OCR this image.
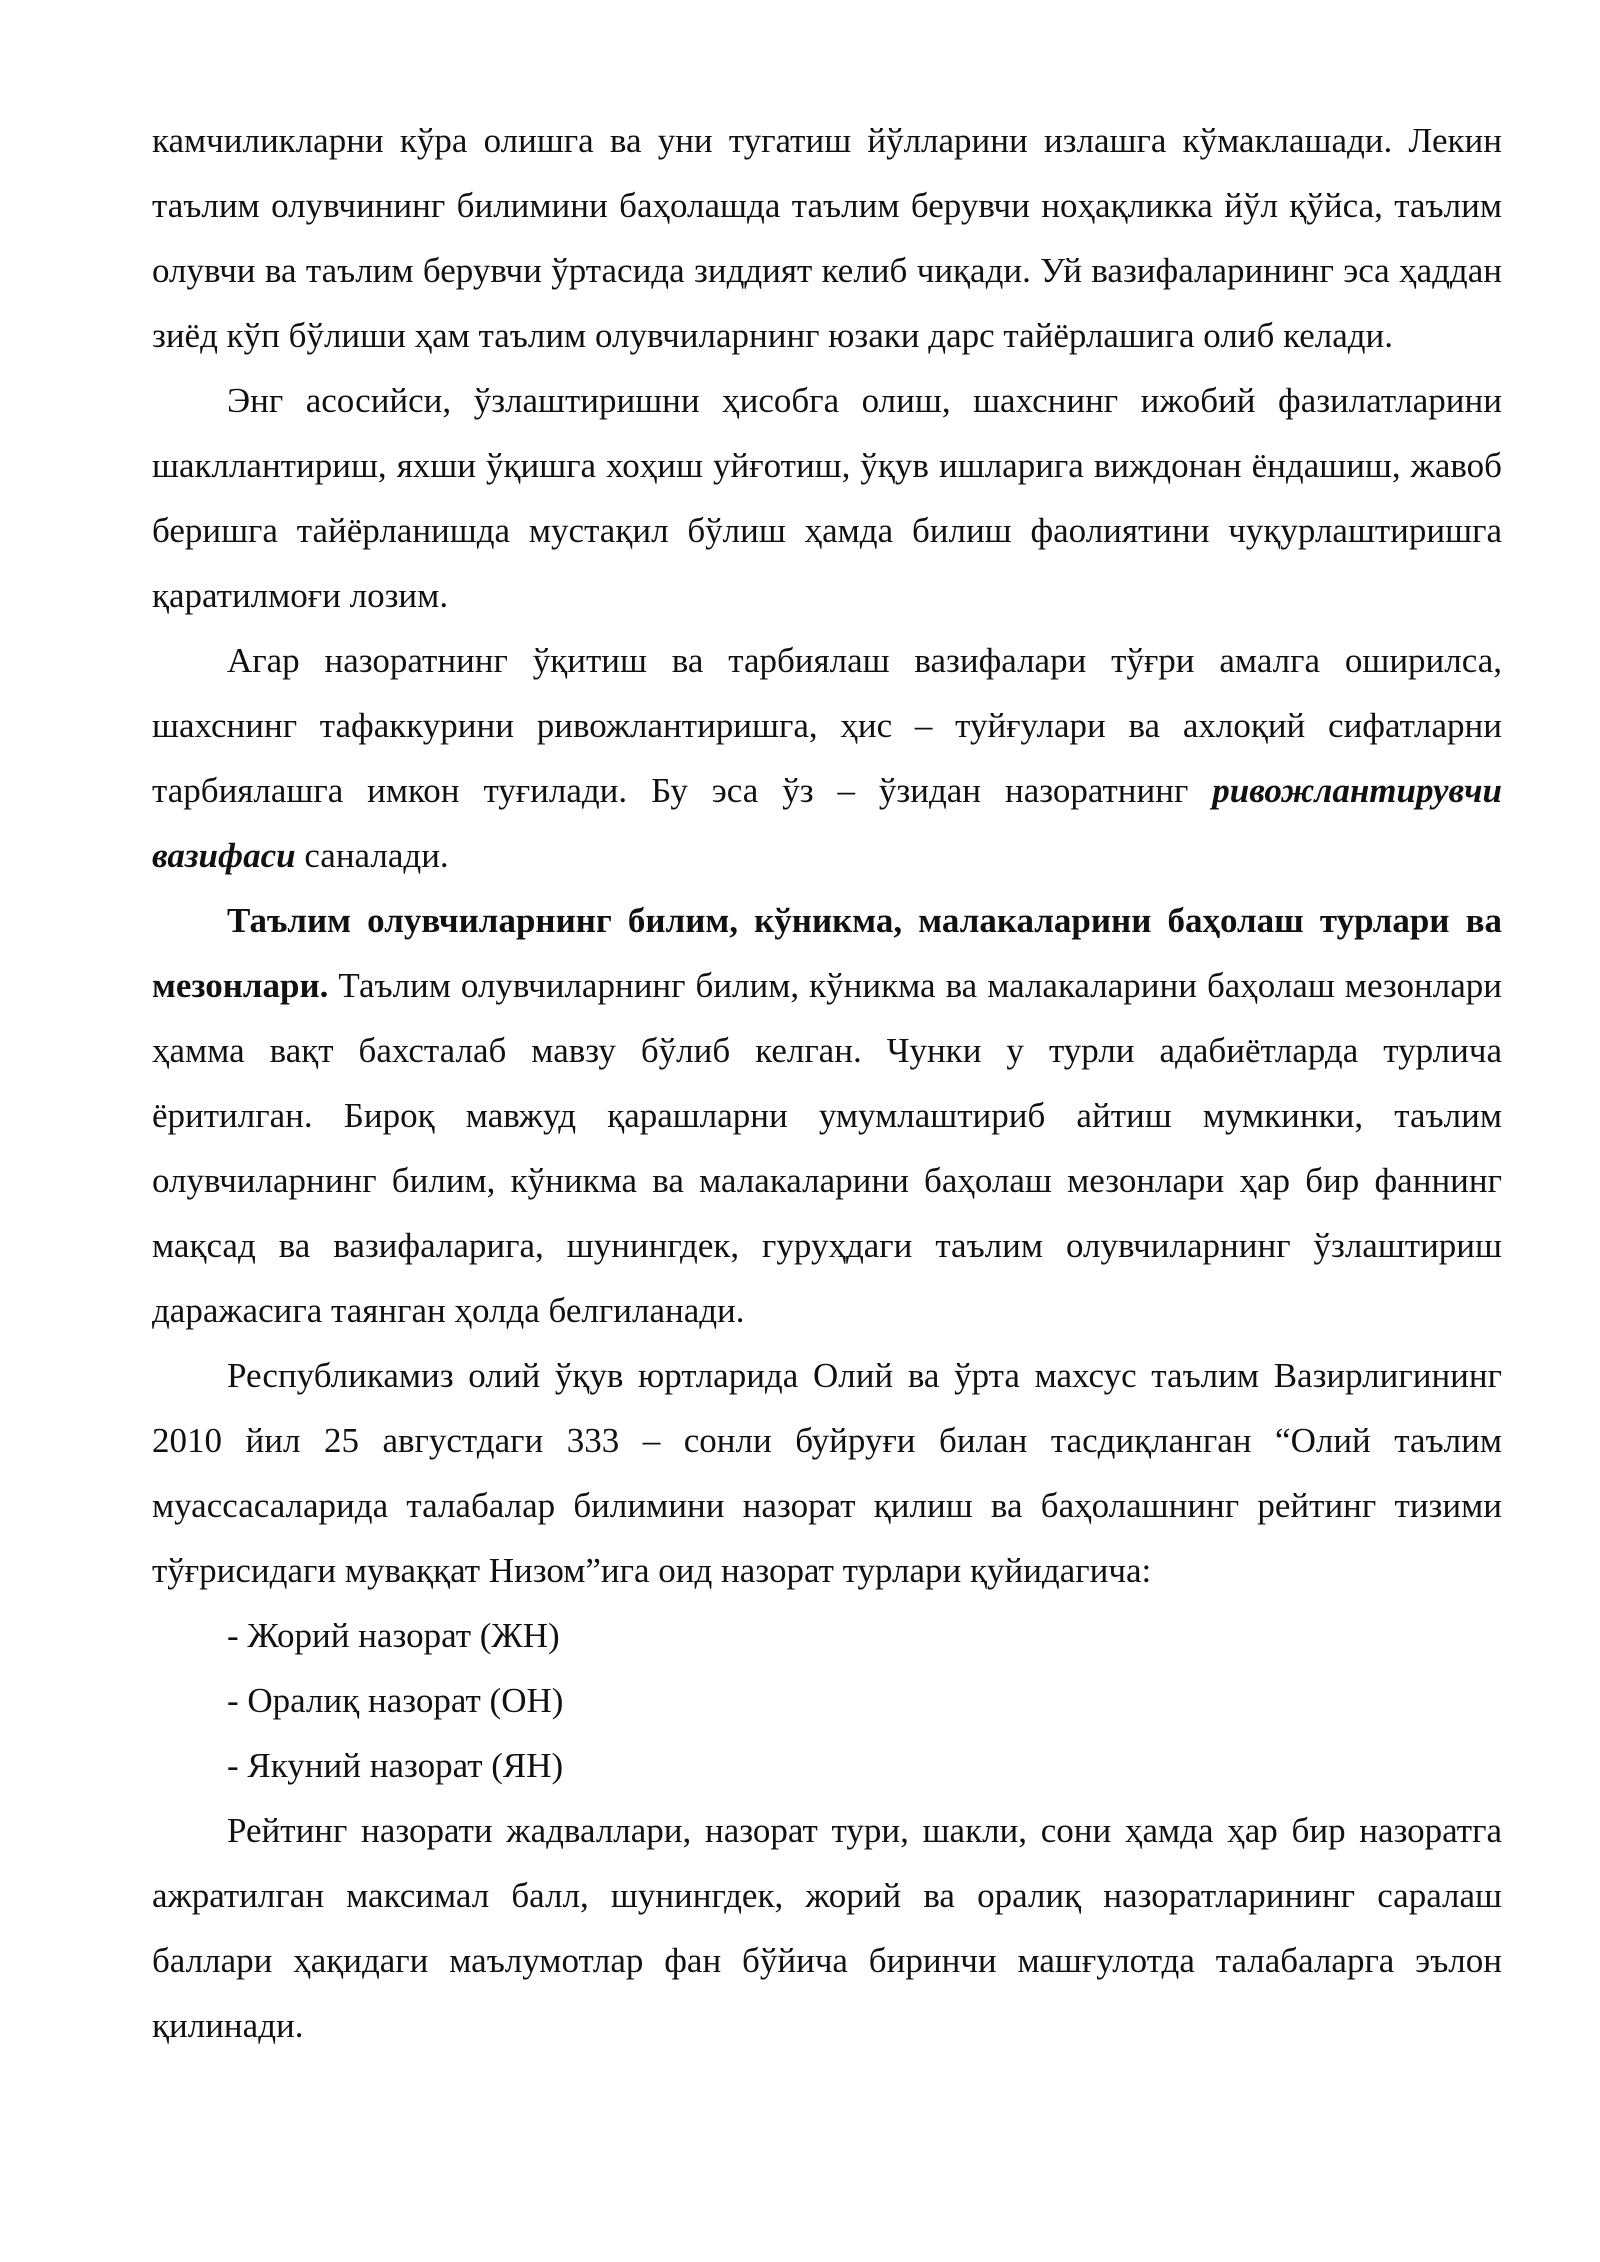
камчиликларни кўра олишга ва уни тугатиш йўлларини излашга кўмаклашади. Лекин таълим олувчининг билимини баҳолашда таълим берувчи ноҳақликка йўл қўйса, таълим олувчи ва таълим берувчи ўртасида зиддият келиб чиқади. Уй вазифаларининг эса ҳаддан зиёд кўп бўлиши ҳам таълим олувчиларнинг юзаки дарс тайёрлашига олиб келади.

Энг асосийси, ўзлаштиришни ҳисобга олиш, шахснинг ижобий фазилатларини шакллантириш, яхши ўқишга хоҳиш уйғотиш, ўқув ишларига виждонан ёндашиш, жавоб беришга тайёрланишда мустақил бўлиш ҳамда билиш фаолиятини чуқурлаштиришга қаратилмоғи лозим.

Агар назоратнинг ўқитиш ва тарбиялаш вазифалари тўғри амалга оширилса, шахснинг тафаккурини ривожлантиришга, ҳис – туйғулари ва ахлоқий сифатларни тарбиялашга имкон туғилади. Бу эса ўз – ўзидан назоратнинг ривожлантирувчи вазифаси саналади.

Таълим олувчиларнинг билим, кўникма, малакаларини баҳолаш турлари ва мезонлари. Таълим олувчиларнинг билим, кўникма ва малакаларини баҳолаш мезонлари ҳамма вақт бахсталаб мавзу бўлиб келган. Чунки у турли адабиётларда турлича ёритилган. Бироқ мавжуд қарашларни умумлаштириб айтиш мумкинки, таълим олувчиларнинг билим, кўникма ва малакаларини баҳолаш мезонлари ҳар бир фаннинг мақсад ва вазифаларига, шунингдек, гуруҳдаги таълим олувчиларнинг ўзлаштириш даражасига таянган ҳолда белгиланади.

Республикамиз олий ўқув юртларида Олий ва ўрта махсус таълим Вазирлигининг 2010 йил 25 августдаги 333 – сонли буйруғи билан тасдиқланган “Олий таълим муассасаларида талабалар билимини назорат қилиш ва баҳолашнинг рейтинг тизими тўғрисидаги муваққат Низом”ига оид назорат турлари қуйидагича:

- Жорий назорат (ЖН)

- Оралиқ назорат (ОН)

- Якуний назорат (ЯН)

Рейтинг назорати жадваллари, назорат тури, шакли, сони ҳамда ҳар бир назоратга ажратилган максимал балл, шунингдек, жорий ва оралиқ назоратларининг саралаш баллари ҳақидаги маълумотлар фан бўйича биринчи машғулотда талабаларга эълон қилинади.
